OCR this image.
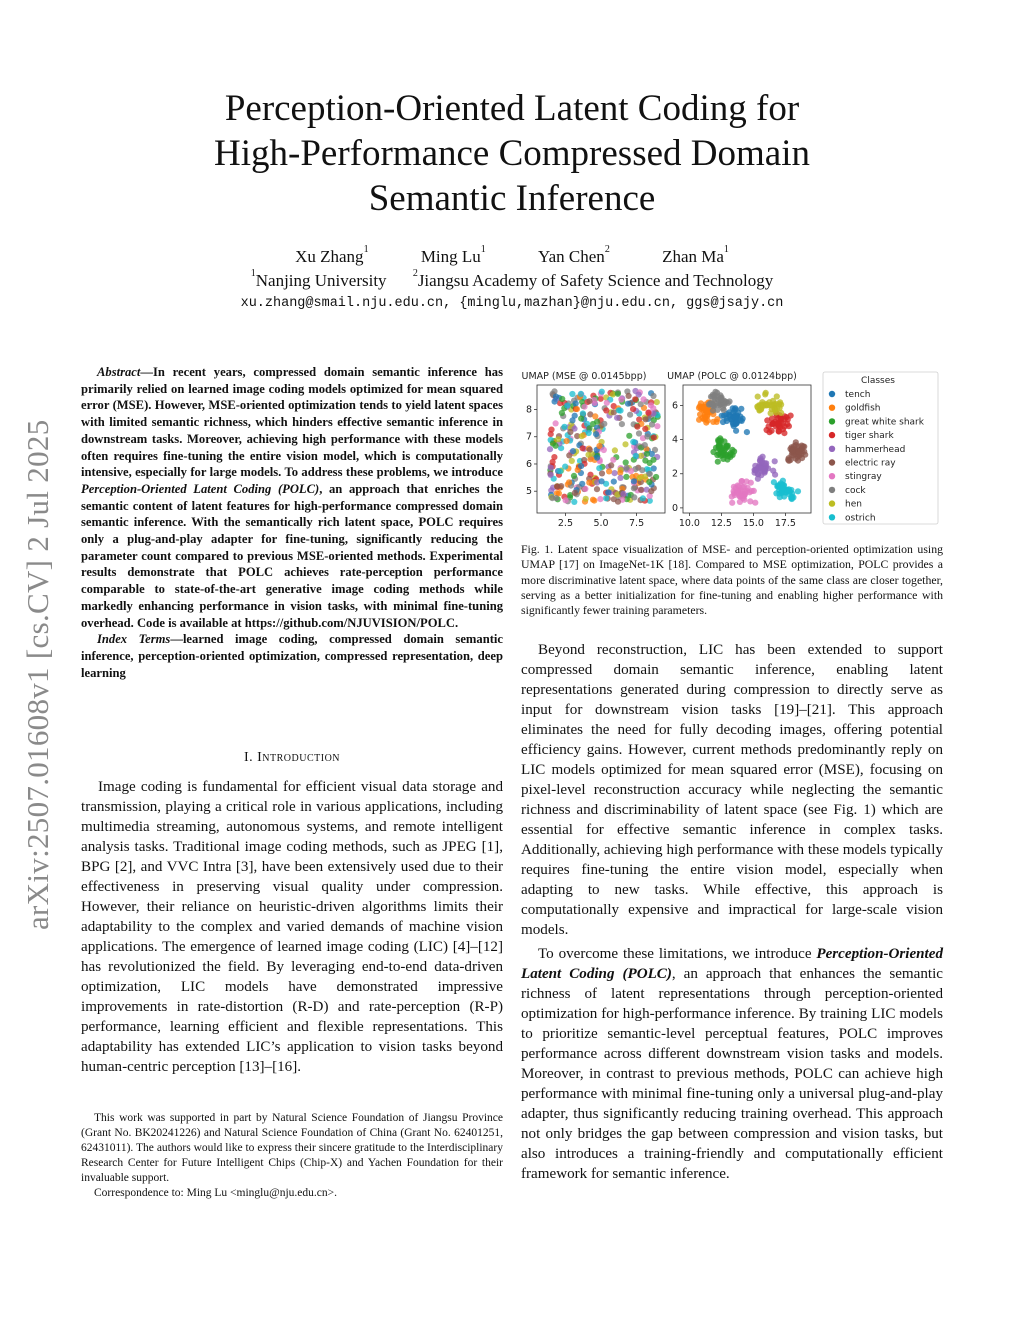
arXiv:2507.01608v1 [cs.CV] 2 Jul 2025
Perception-Oriented Latent Coding for
High-Performance Compressed Domain
Semantic Inference
Xu Zhang$^1$	Ming Lu$^1$	Yan Chen$^2$	Zhan Ma$^1$
$^1$Nanjing University	$^2$Jiangsu Academy of Safety Science and Technology
xu.zhang@smail.nju.edu.cn, {minglu,mazhan}@nju.edu.cn, ggs@jsajy.cn

Abstract—In recent years, compressed domain semantic inference has primarily relied on learned image coding models optimized for mean squared error (MSE). However, MSE-oriented optimization tends to yield latent spaces with limited semantic richness, which hinders effective semantic inference in downstream tasks. Moreover, achieving high performance with these models often requires fine-tuning the entire vision model, which is computationally intensive, especially for large models. To address these problems, we introduce Perception-Oriented Latent Coding (POLC), an approach that enriches the semantic content of latent features for high-performance compressed domain semantic inference. With the semantically rich latent space, POLC requires only a plug-and-play adapter for fine-tuning, significantly reducing the parameter count compared to previous MSE-oriented methods. Experimental results demonstrate that POLC achieves rate-perception performance comparable to state-of-the-art generative image coding methods while markedly enhancing performance in vision tasks, with minimal fine-tuning overhead. Code is available at https://github.com/NJUVISION/POLC.

Index Terms—learned image coding, compressed domain semantic inference, perception-oriented optimization, compressed representation, deep learning

I. Introduction

Image coding is fundamental for efficient visual data storage and transmission, playing a critical role in various applications, including multimedia streaming, autonomous systems, and remote intelligent analysis tasks. Traditional image coding methods, such as JPEG [1], BPG [2], and VVC Intra [3], have been extensively used due to their effectiveness in preserving visual quality under compression. However, their reliance on heuristic-driven algorithms limits their adaptability to the complex and varied demands of machine vision applications. The emergence of learned image coding (LIC) [4]–[12] has revolutionized the field. By leveraging end-to-end data-driven optimization, LIC models have demonstrated impressive improvements in rate-distortion (R-D) and rate-perception (R-P) performance, learning efficient and flexible representations. This adaptability has extended LIC’s application to vision tasks beyond human-centric perception [13]–[16].

This work was supported in part by Natural Science Foundation of Jiangsu Province (Grant No. BK20241226) and Natural Science Foundation of China (Grant No. 62401251, 62431011). The authors would like to express their sincere gratitude to the Interdisciplinary Research Center for Future Intelligent Chips (Chip-X) and Yachen Foundation for their invaluable support.

Correspondence to: Ming Lu <minglu@nju.edu.cn>.

UMAP (MSE @ 0.0145bpp) UMAP (POLC @ 0.0124bpp)
2.5 5.0 7.5
5
6
7
8
10.0 12.5 15.0 17.5
0
2
4
6
Classes
tench
goldfish
great white shark
tiger shark
hammerhead
electric ray
stingray
cock
hen
ostrich
Fig. 1. Latent space visualization of MSE- and perception-oriented optimization using UMAP [17] on ImageNet-1K [18]. Compared to MSE optimization, POLC provides a more discriminative latent space, where data points of the same class are closer together, serving as a better initialization for fine-tuning and enabling higher performance with significantly fewer training parameters.

Beyond reconstruction, LIC has been extended to support compressed domain semantic inference, enabling latent representations generated during compression to directly serve as input for downstream vision tasks [19]–[21]. This approach eliminates the need for fully decoding images, offering potential efficiency gains. However, current methods predominantly reply on LIC models optimized for mean squared error (MSE), focusing on pixel-level reconstruction accuracy while neglecting the semantic richness and discriminability of latent space (see Fig. 1) which are essential for effective semantic inference in complex tasks. Additionally, achieving high performance with these models typically requires fine-tuning the entire vision model, especially when adapting to new tasks. While effective, this approach is computationally expensive and impractical for large-scale vision models.

To overcome these limitations, we introduce Perception-Oriented Latent Coding (POLC), an approach that enhances the semantic richness of latent representations through perception-oriented optimization for high-performance inference. By training LIC models to prioritize semantic-level perceptual features, POLC improves performance across different downstream vision tasks and models. Moreover, in contrast to previous methods, POLC can achieve high performance with minimal fine-tuning only a universal plug-and-play adapter, thus significantly reducing training overhead. This approach not only bridges the gap between compression and vision tasks, but also introduces a training-friendly and computationally efficient framework for semantic inference.
